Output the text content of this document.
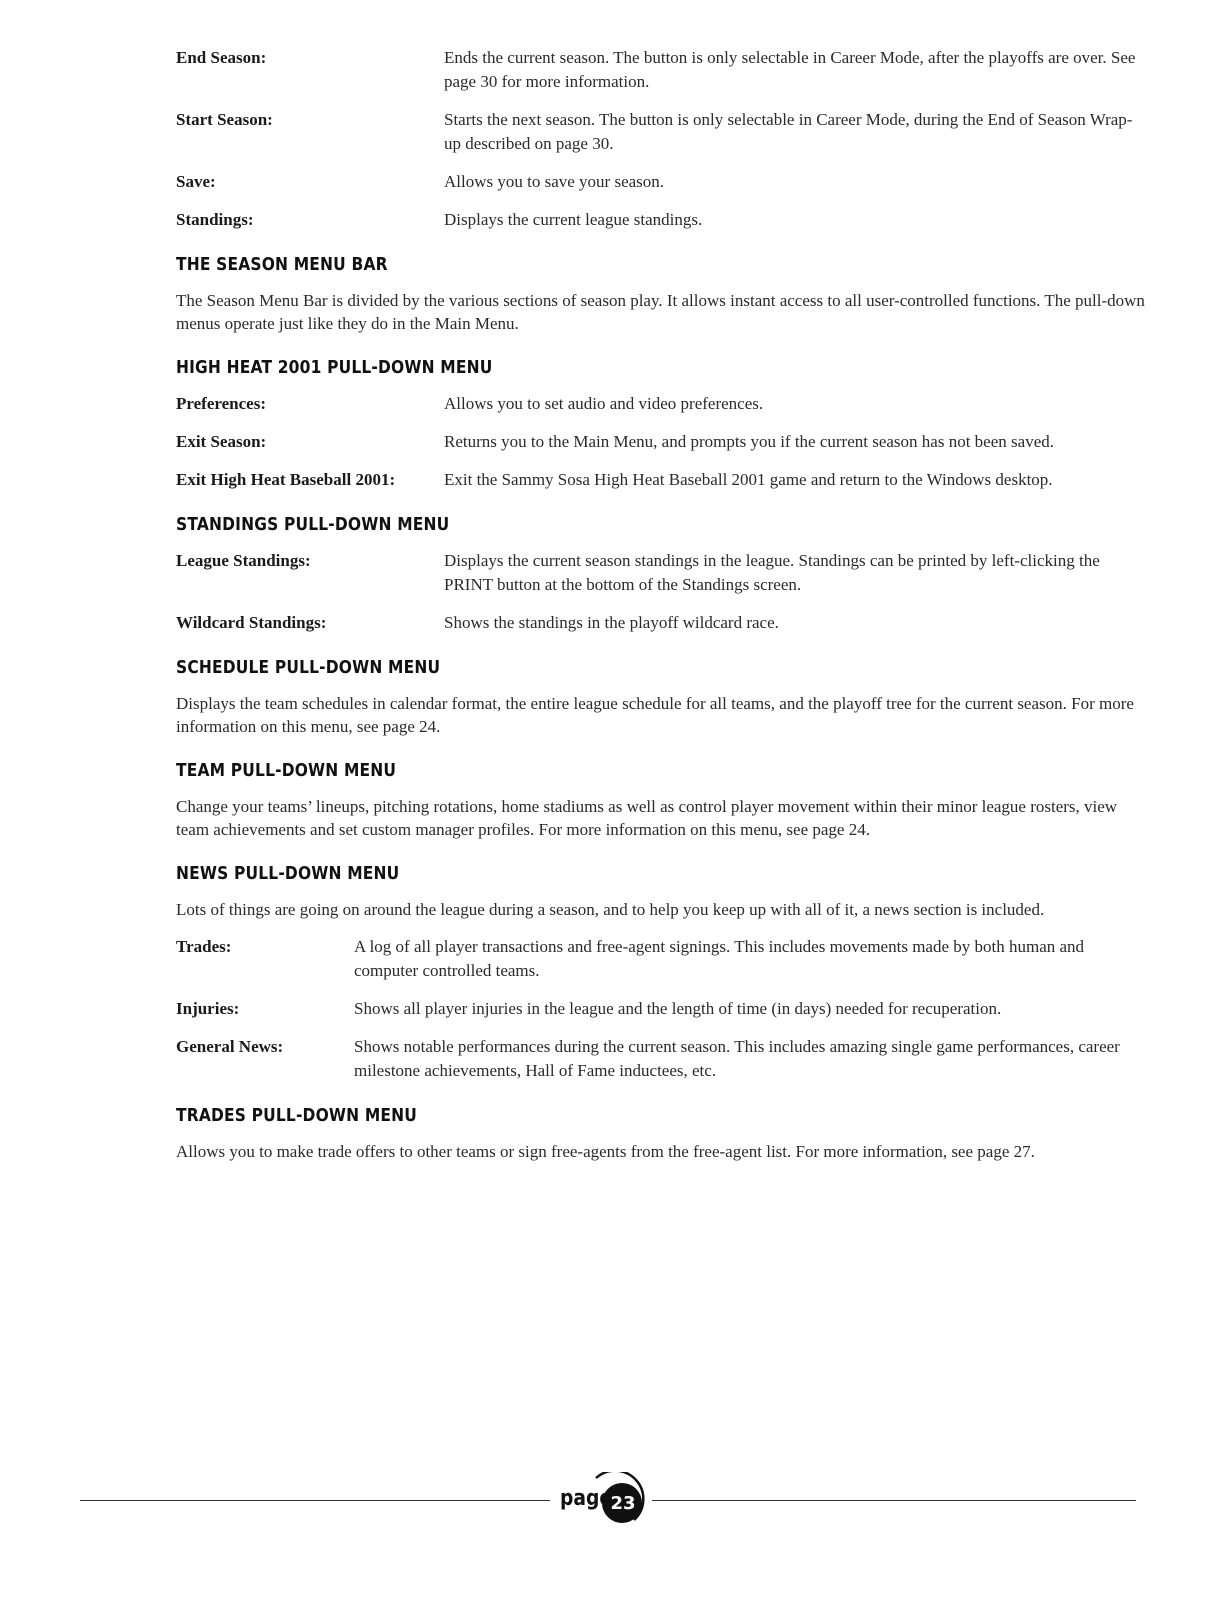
End Season:	Ends the current season. The button is only selectable in Career Mode, after the playoffs are over. See page 30 for more information.
Start Season:	Starts the next season. The button is only selectable in Career Mode, during the End of Season Wrap-up described on page 30.
Save:	Allows you to save your season.
Standings:	Displays the current league standings.
THE SEASON MENU BAR

The Season Menu Bar is divided by the various sections of season play. It allows instant access to all user-controlled functions. The pull-down menus operate just like they do in the Main Menu.

HIGH HEAT 2001 PULL-DOWN MENU
Preferences:	Allows you to set audio and video preferences.
Exit Season:	Returns you to the Main Menu, and prompts you if the current season has not been saved.
Exit High Heat Baseball 2001:	Exit the Sammy Sosa High Heat Baseball 2001 game and return to the Windows desktop.
STANDINGS PULL-DOWN MENU
League Standings:	Displays the current season standings in the league. Standings can be printed by left-clicking the PRINT button at the bottom of the Standings screen.
Wildcard Standings:	Shows the standings in the playoff wildcard race.
SCHEDULE PULL-DOWN MENU

Displays the team schedules in calendar format, the entire league schedule for all teams, and the playoff tree for the current season. For more information on this menu, see page 24.

TEAM PULL-DOWN MENU

Change your teams’ lineups, pitching rotations, home stadiums as well as control player movement within their minor league rosters, view team achievements and set custom manager profiles. For more information on this menu, see page 24.

NEWS PULL-DOWN MENU

Lots of things are going on around the league during a season, and to help you keep up with all of it, a news section is included.

Trades:	A log of all player transactions and free-agent signings. This includes movements made by both human and computer controlled teams.
Injuries:	Shows all player injuries in the league and the length of time (in days) needed for recuperation.
General News:	Shows notable performances during the current season. This includes amazing single game performances, career milestone achievements, Hall of Fame inductees, etc.
TRADES PULL-DOWN MENU

Allows you to make trade offers to other teams or sign free-agents from the free-agent list. For more information, see page 27.

page
23
